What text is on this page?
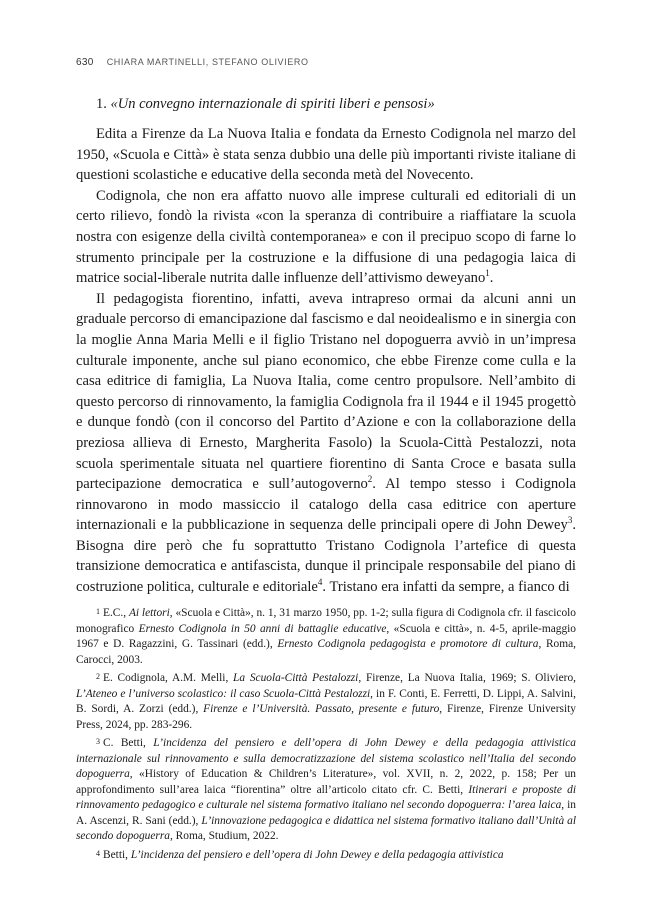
630 CHIARA MARTINELLI, STEFANO OLIVIERO
1. «Un convegno internazionale di spiriti liberi e pensosi»

Edita a Firenze da La Nuova Italia e fondata da Ernesto Codignola nel marzo del 1950, «Scuola e Città» è stata senza dubbio una delle più importanti riviste italiane di questioni scolastiche e educative della seconda metà del Novecento.

Codignola, che non era affatto nuovo alle imprese culturali ed editoriali di un certo rilievo, fondò la rivista «con la speranza di contribuire a riaffiatare la scuola nostra con esigenze della civiltà contemporanea» e con il precipuo scopo di farne lo strumento principale per la costruzione e la diffusione di una pedagogia laica di matrice social-liberale nutrita dalle influenze dell’attivismo deweyano$^1$.

Il pedagogista fiorentino, infatti, aveva intrapreso ormai da alcuni anni un graduale percorso di emancipazione dal fascismo e dal neoidealismo e in sinergia con la moglie Anna Maria Melli e il figlio Tristano nel dopoguerra avviò in un’impresa culturale imponente, anche sul piano economico, che ebbe Firenze come culla e la casa editrice di famiglia, La Nuova Italia, come centro propulsore. Nell’ambito di questo percorso di rinnovamento, la famiglia Codignola fra il 1944 e il 1945 progettò e dunque fondò (con il concorso del Partito d’Azione e con la collaborazione della preziosa allieva di Ernesto, Margherita Fasolo) la Scuola-Città Pestalozzi, nota scuola sperimentale situata nel quartiere fiorentino di Santa Croce e basata sulla partecipazione democratica e sull’autogoverno$^2$. Al tempo stesso i Codignola rinnovarono in modo massiccio il catalogo della casa editrice con aperture internazionali e la pubblicazione in sequenza delle principali opere di John Dewey$^3$. Bisogna dire però che fu soprattutto Tristano Codignola l’artefice di questa transizione democratica e antifascista, dunque il principale responsabile del piano di costruzione politica, culturale e editoriale$^4$. Tristano era infatti da sempre, a fianco di

1 E.C., Ai lettori, «Scuola e Città», n. 1, 31 marzo 1950, pp. 1-2; sulla figura di Codignola cfr. il fascicolo monografico Ernesto Codignola in 50 anni di battaglie educative, «Scuola e città», n. 4-5, aprile-maggio 1967 e D. Ragazzini, G. Tassinari (edd.), Ernesto Codignola pedagogista e promotore di cultura, Roma, Carocci, 2003.

2 E. Codignola, A.M. Melli, La Scuola-Città Pestalozzi, Firenze, La Nuova Italia, 1969; S. Oliviero, L’Ateneo e l’universo scolastico: il caso Scuola-Città Pestalozzi, in F. Conti, E. Ferretti, D. Lippi, A. Salvini, B. Sordi, A. Zorzi (edd.), Firenze e l’Università. Passato, presente e futuro, Firenze, Firenze University Press, 2024, pp. 283-296.

3 C. Betti, L’incidenza del pensiero e dell’opera di John Dewey e della pedagogia attivistica internazionale sul rinnovamento e sulla democratizzazione del sistema scolastico nell’Italia del secondo dopoguerra, «History of Education & Children’s Literature», vol. XVII, n. 2, 2022, p. 158; Per un approfondimento sull’area laica “fiorentina” oltre all’articolo citato cfr. C. Betti, Itinerari e proposte di rinnovamento pedagogico e culturale nel sistema formativo italiano nel secondo dopoguerra: l’area laica, in A. Ascenzi, R. Sani (edd.), L’innovazione pedagogica e didattica nel sistema formativo italiano dall’Unità al secondo dopoguerra, Roma, Studium, 2022.

4 Betti, L’incidenza del pensiero e dell’opera di John Dewey e della pedagogia attivistica
